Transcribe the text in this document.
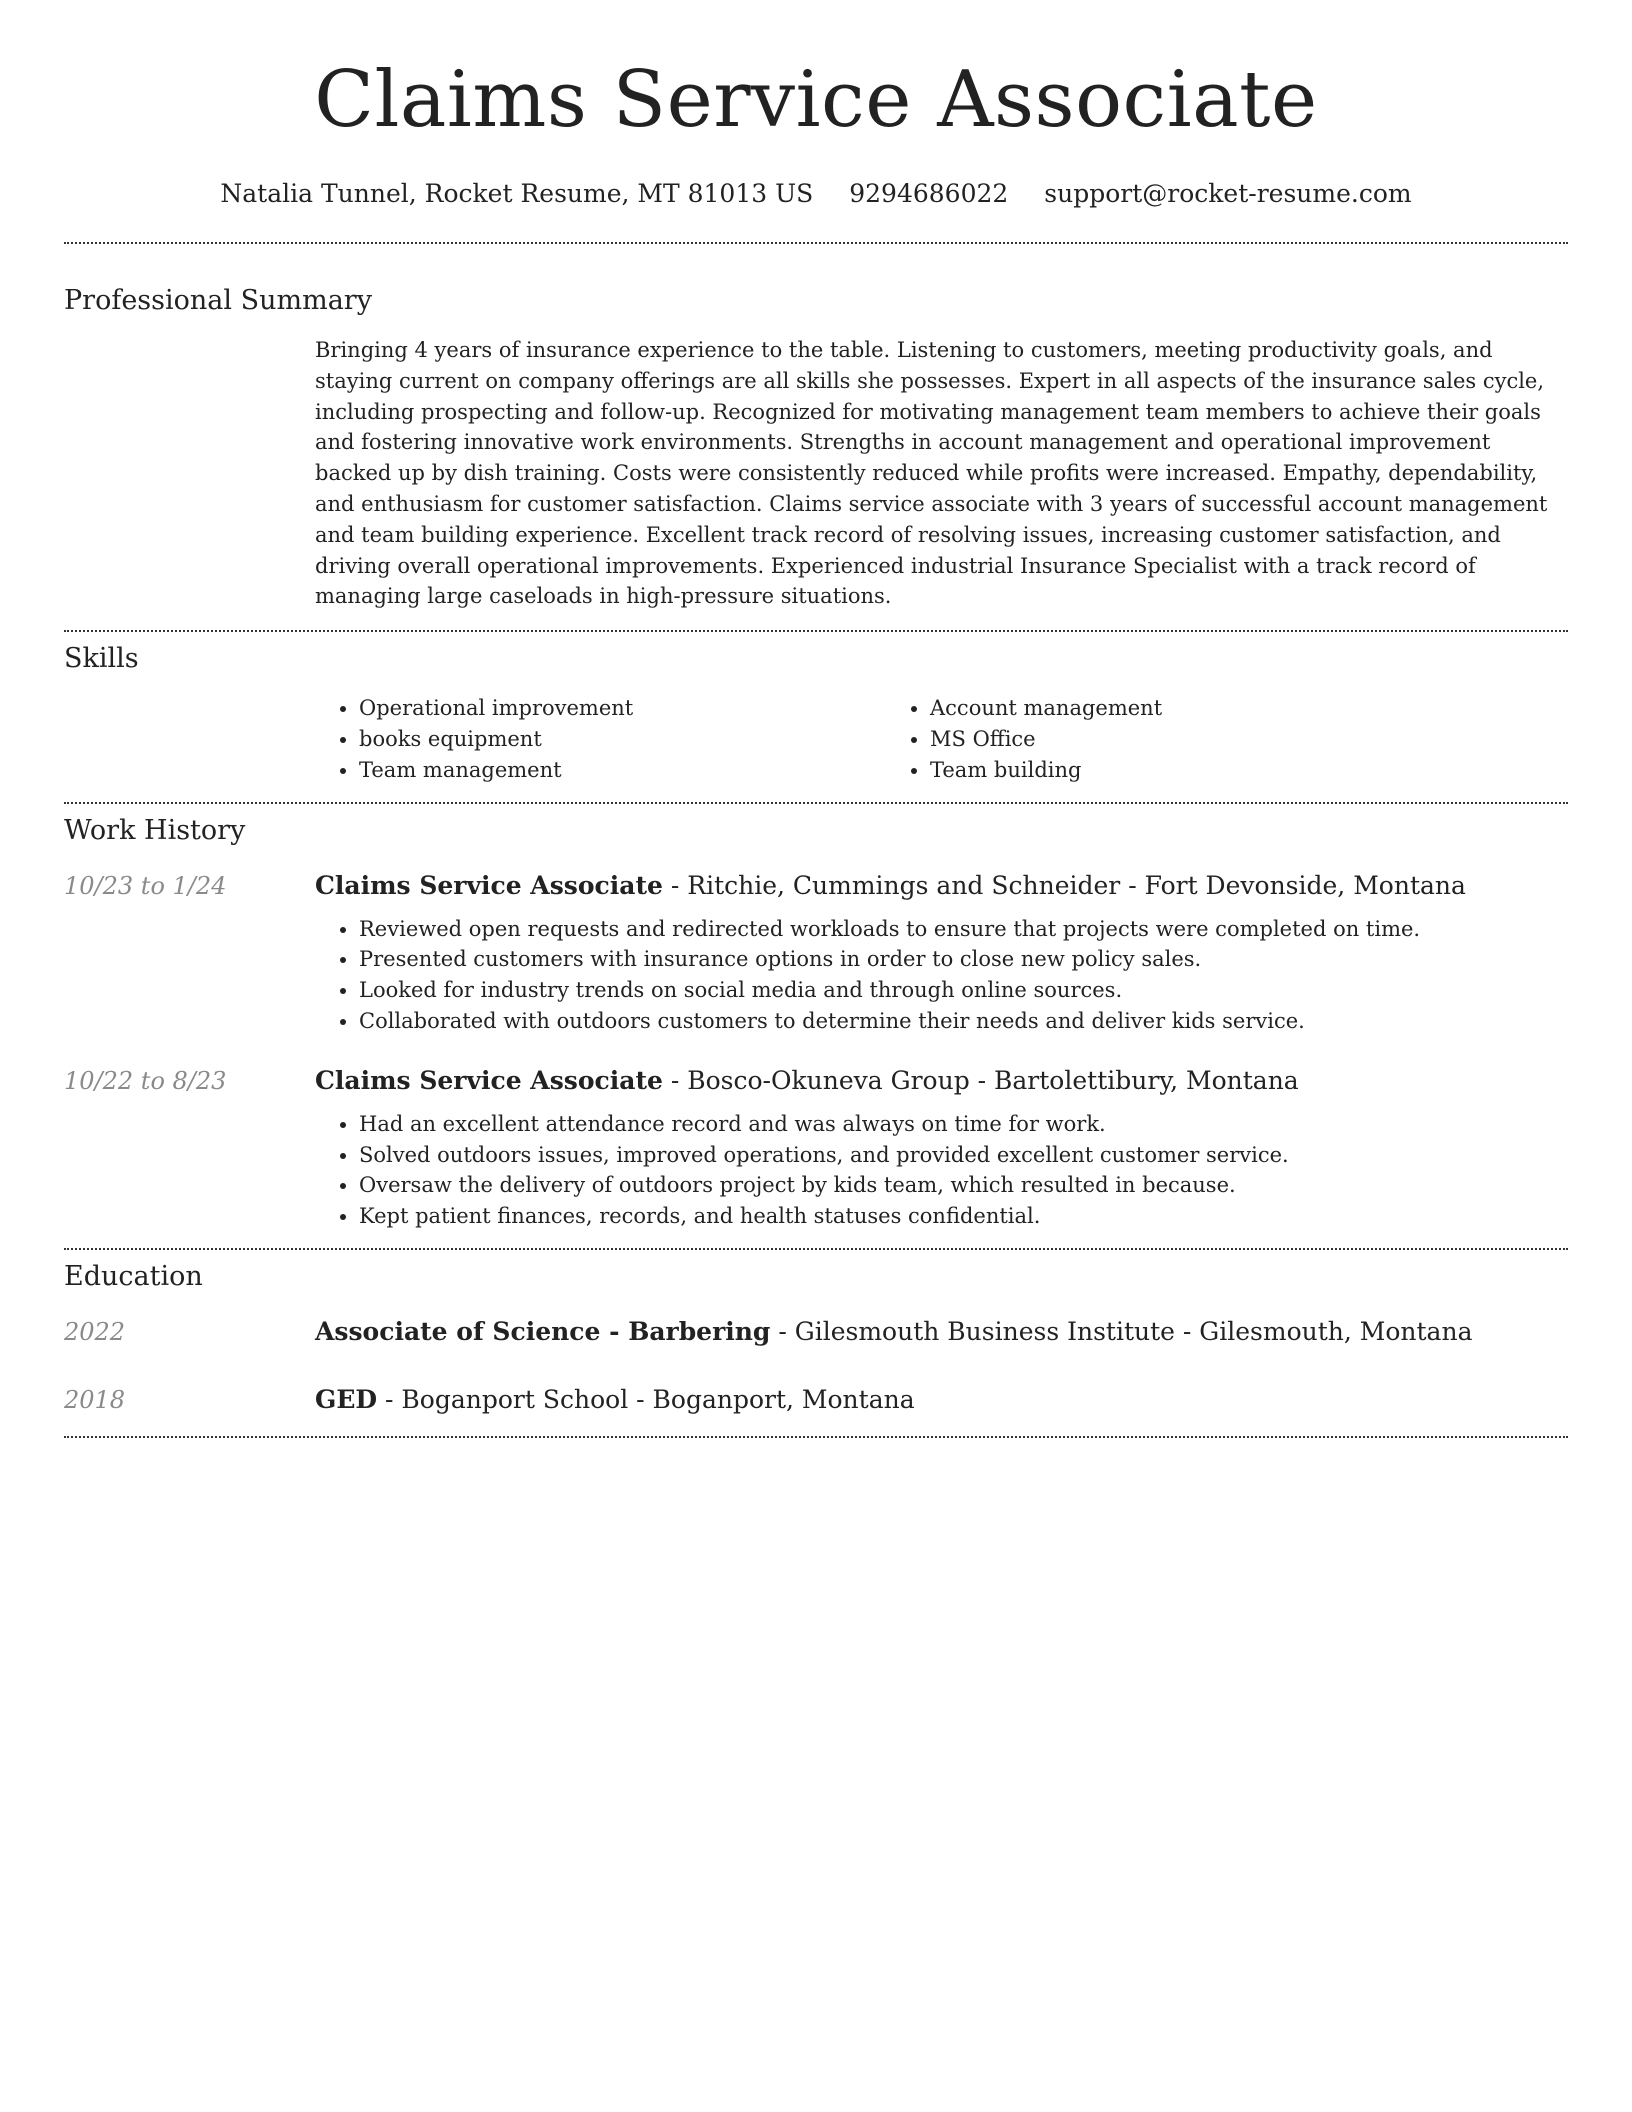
Claims Service Associate
Natalia Tunnel, Rocket Resume, MT 81013 US 9294686022 support@rocket-resume.com
Professional Summary

Bringing 4 years of insurance experience to the table. Listening to customers, meeting productivity goals, and staying current on company offerings are all skills she possesses. Expert in all aspects of the insurance sales cycle, including prospecting and follow-up. Recognized for motivating management team members to achieve their goals and fostering innovative work environments. Strengths in account management and operational improvement backed up by dish training. Costs were consistently reduced while profits were increased. Empathy, dependability, and enthusiasm for customer satisfaction. Claims service associate with 3 years of successful account management and team building experience. Excellent track record of resolving issues, increasing customer satisfaction, and driving overall operational improvements. Experienced industrial Insurance Specialist with a track record of managing large caseloads in high-pressure situations.

Skills
• Operational improvement
• books equipment
• Team management
• Account management
• MS Office
• Team building
Work History
10/23 to 1/24	Claims Service Associate - Ritchie, Cummings and Schneider - Fort Devonside, Montana
• Reviewed open requests and redirected workloads to ensure that projects were completed on time.
• Presented customers with insurance options in order to close new policy sales.
• Looked for industry trends on social media and through online sources.
• Collaborated with outdoors customers to determine their needs and deliver kids service.
10/22 to 8/23	Claims Service Associate - Bosco-Okuneva Group - Bartolettibury, Montana
• Had an excellent attendance record and was always on time for work.
• Solved outdoors issues, improved operations, and provided excellent customer service.
• Oversaw the delivery of outdoors project by kids team, which resulted in because.
• Kept patient finances, records, and health statuses confidential.
Education
2022	Associate of Science - Barbering - Gilesmouth Business Institute - Gilesmouth, Montana
2018	GED - Boganport School - Boganport, Montana
